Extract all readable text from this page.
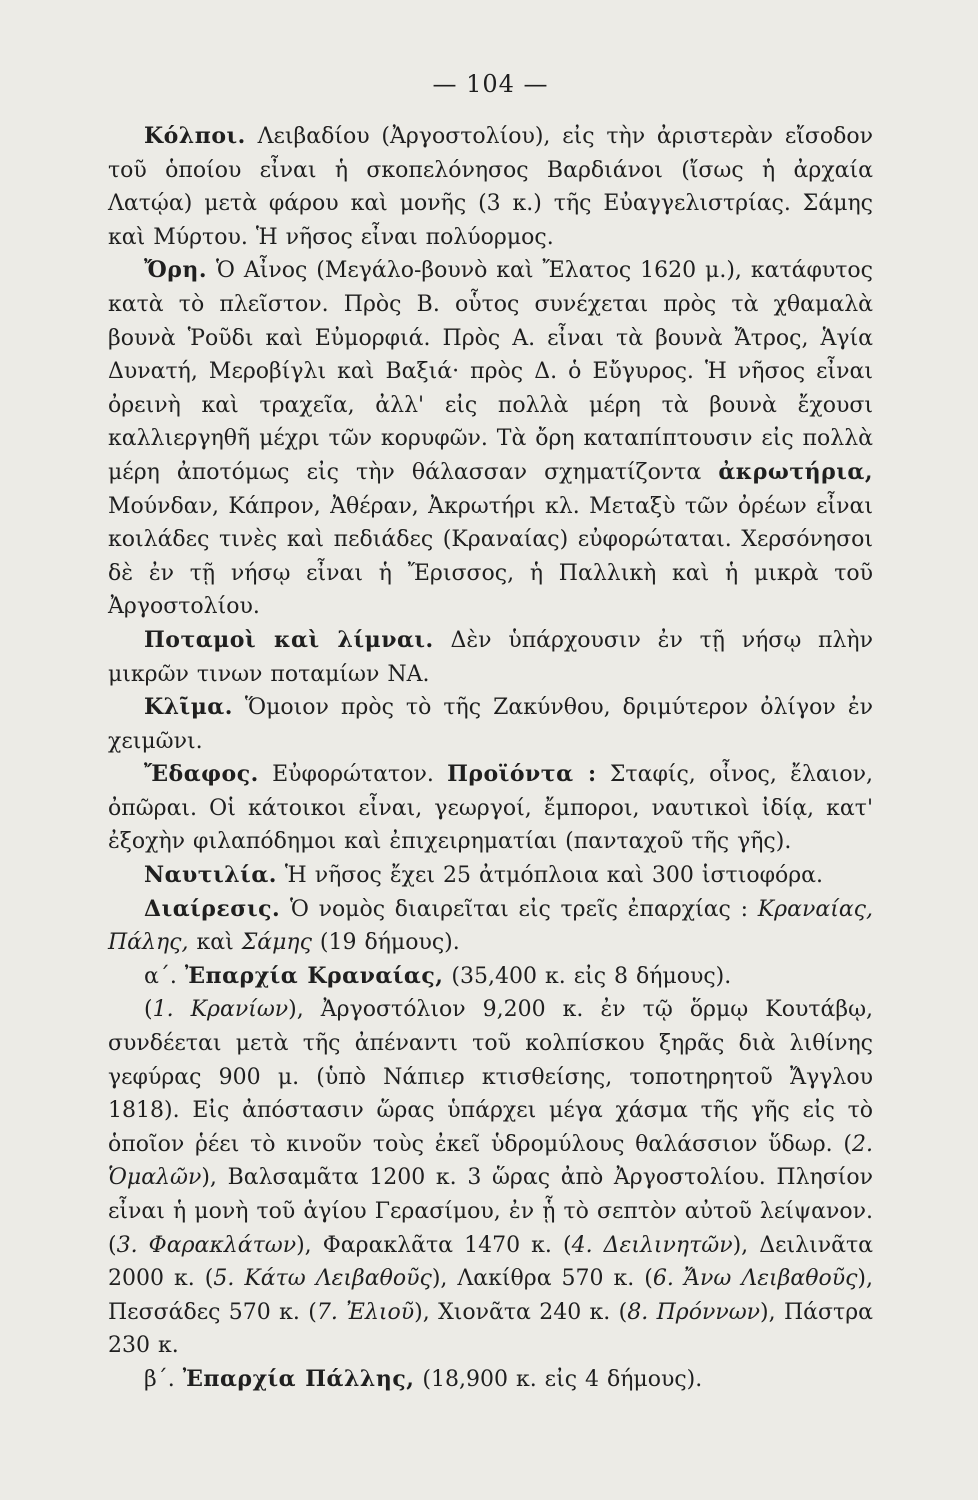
— 104 —

Κόλποι. Λειβαδίου (Ἀργοστολίου), εἰς τὴν ἀριστερὰν εἴσοδον τοῦ ὁποίου εἶναι ἡ σκοπελόνησος Βαρδιάνοι (ἴσως ἡ ἀρχαία Λατῴα) μετὰ φάρου καὶ μονῆς (3 κ.) τῆς Εὐαγγελιστρίας. Σάμης καὶ Μύρτου. Ἡ νῆσος εἶναι πολύορμος.

Ὄρη. Ὁ Αἶνος (Μεγάλο-βουνὸ καὶ Ἔλατος 1620 μ.), κατάφυτος κατὰ τὸ πλεῖστον. Πρὸς Β. οὗτος συνέχεται πρὸς τὰ χθαμαλὰ βουνὰ Ῥοῦδι καὶ Εὐμορφιά. Πρὸς Α. εἶναι τὰ βουνὰ Ἄτρος, Ἁγία Δυνατή, Μεροβίγλι καὶ Βαξιά· πρὸς Δ. ὁ Εὔγυρος. Ἡ νῆσος εἶναι ὀρεινὴ καὶ τραχεῖα, ἀλλ' εἰς πολλὰ μέρη τὰ βουνὰ ἔχουσι καλλιεργηθῆ μέχρι τῶν κορυφῶν. Τὰ ὄρη καταπίπτουσιν εἰς πολλὰ μέρη ἀποτόμως εἰς τὴν θάλασσαν σχηματίζοντα ἀκρωτήρια, Μούνδαν, Κάπρον, Ἀθέραν, Ἀκρωτήρι κλ. Μεταξὺ τῶν ὀρέων εἶναι κοιλάδες τινὲς καὶ πεδιάδες (Κραναίας) εὐφορώταται. Χερσόνησοι δὲ ἐν τῇ νήσῳ εἶναι ἡ Ἔρισσος, ἡ Παλλικὴ καὶ ἡ μικρὰ τοῦ Ἀργοστολίου.

Ποταμοὶ καὶ λίμναι. Δὲν ὑπάρχουσιν ἐν τῇ νήσῳ πλὴν μικρῶν τινων ποταμίων ΝΑ.

Κλῖμα. Ὅμοιον πρὸς τὸ τῆς Ζακύνθου, δριμύτερον ὀλίγον ἐν χειμῶνι.

Ἔδαφος. Εὐφορώτατον. Προϊόντα : Σταφίς, οἶνος, ἔλαιον, ὀπῶραι. Οἱ κάτοικοι εἶναι, γεωργοί, ἔμποροι, ναυτικοὶ ἰδίᾳ, κατ' ἐξοχὴν φιλαπόδημοι καὶ ἐπιχειρηματίαι (πανταχοῦ τῆς γῆς).

Ναυτιλία. Ἡ νῆσος ἔχει 25 ἀτμόπλοια καὶ 300 ἱστιοφόρα.

Διαίρεσις. Ὁ νομὸς διαιρεῖται εἰς τρεῖς ἐπαρχίας : Κραναίας, Πάλης, καὶ Σάμης (19 δήμους).

α΄. Ἐπαρχία Κραναίας, (35,400 κ. εἰς 8 δήμους).

(1. Κρανίων), Ἀργοστόλιον 9,200 κ. ἐν τῷ ὅρμῳ Κουτάβῳ, συνδέεται μετὰ τῆς ἀπέναντι τοῦ κολπίσκου ξηρᾶς διὰ λιθίνης γεφύρας 900 μ. (ὑπὸ Νάπιερ κτισθείσης, τοποτηρητοῦ Ἄγγλου 1818). Εἰς ἀπόστασιν ὥρας ὑπάρχει μέγα χάσμα τῆς γῆς εἰς τὸ ὁποῖον ῥέει τὸ κινοῦν τοὺς ἐκεῖ ὑδρομύλους θαλάσσιον ὕδωρ. (2. Ὁμαλῶν), Βαλσαμᾶτα 1200 κ. 3 ὥρας ἀπὸ Ἀργοστολίου. Πλησίον εἶναι ἡ μονὴ τοῦ ἁγίου Γερασίμου, ἐν ᾗ τὸ σεπτὸν αὐτοῦ λείψανον. (3. Φαρακλάτων), Φαρακλᾶτα 1470 κ. (4. Δειλινητῶν), Δειλινᾶτα 2000 κ. (5. Κάτω Λειβαθοῦς), Λακίθρα 570 κ. (6. Ἄνω Λειβαθοῦς), Πεσσάδες 570 κ. (7. Ἐλιοῦ), Χιονᾶτα 240 κ. (8. Πρόννων), Πάστρα 230 κ.

β΄. Ἐπαρχία Πάλλης, (18,900 κ. εἰς 4 δήμους).
